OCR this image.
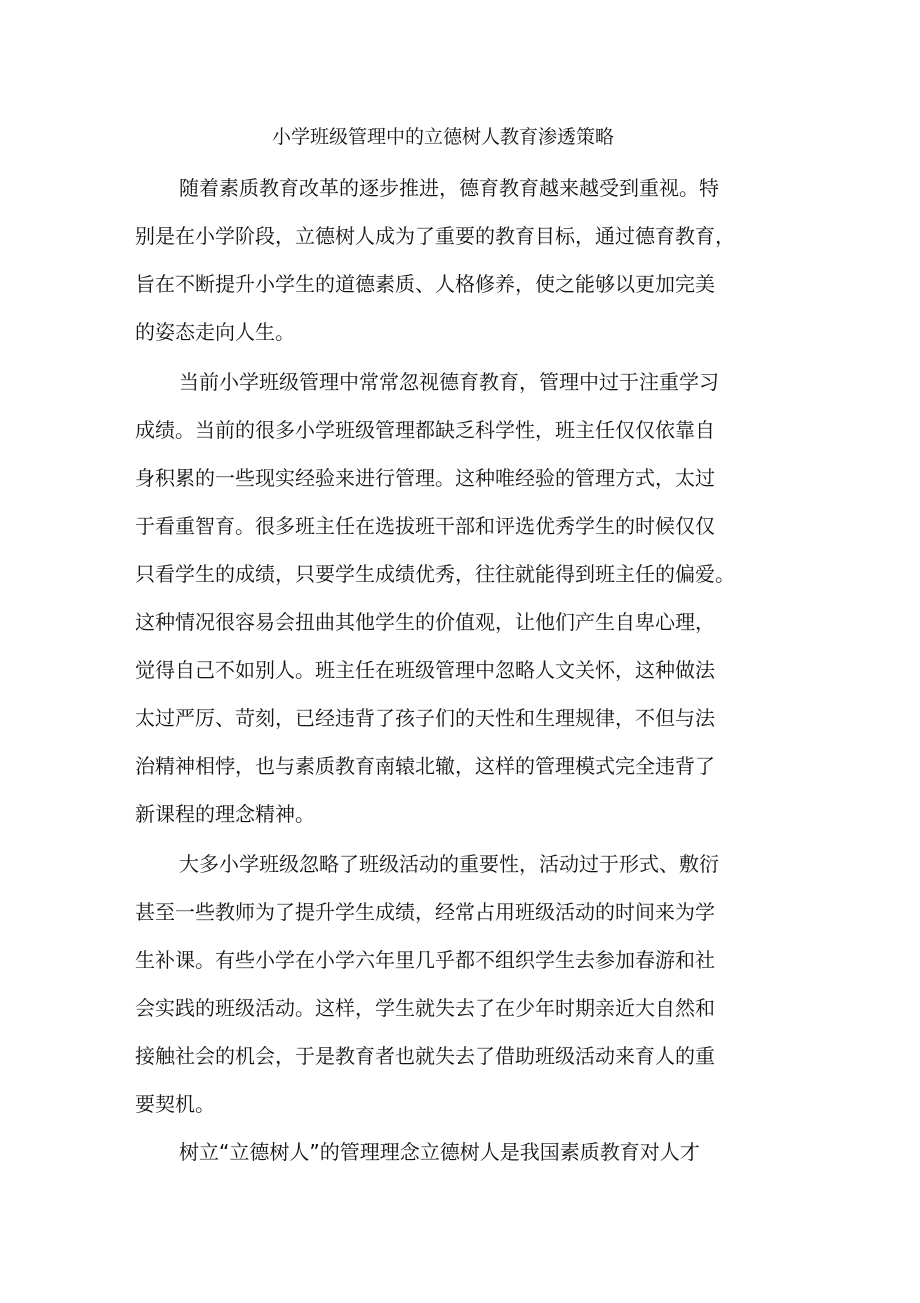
小学班级管理中的立德树人教育渗透策略
随着素质教育改革的逐步推进，德育教育越来越受到重视。特
别是在小学阶段，立德树人成为了重要的教育目标，通过德育教育，
旨在不断提升小学生的道德素质、人格修养，使之能够以更加完美
的姿态走向人生。
当前小学班级管理中常常忽视德育教育，管理中过于注重学习
成绩。当前的很多小学班级管理都缺乏科学性，班主任仅仅依靠自
身积累的一些现实经验来进行管理。这种唯经验的管理方式，太过
于看重智育。很多班主任在选拔班干部和评选优秀学生的时候仅仅
只看学生的成绩，只要学生成绩优秀，往往就能得到班主任的偏爱。
这种情况很容易会扭曲其他学生的价值观，让他们产生自卑心理，
觉得自己不如别人。班主任在班级管理中忽略人文关怀，这种做法
太过严厉、苛刻，已经违背了孩子们的天性和生理规律，不但与法
治精神相悖，也与素质教育南辕北辙，这样的管理模式完全违背了
新课程的理念精神。
大多小学班级忽略了班级活动的重要性，活动过于形式、敷衍
甚至一些教师为了提升学生成绩，经常占用班级活动的时间来为学
生补课。有些小学在小学六年里几乎都不组织学生去参加春游和社
会实践的班级活动。这样，学生就失去了在少年时期亲近大自然和
接触社会的机会，于是教育者也就失去了借助班级活动来育人的重
要契机。
树立“立德树人”的管理理念立德树人是我国素质教育对人才
